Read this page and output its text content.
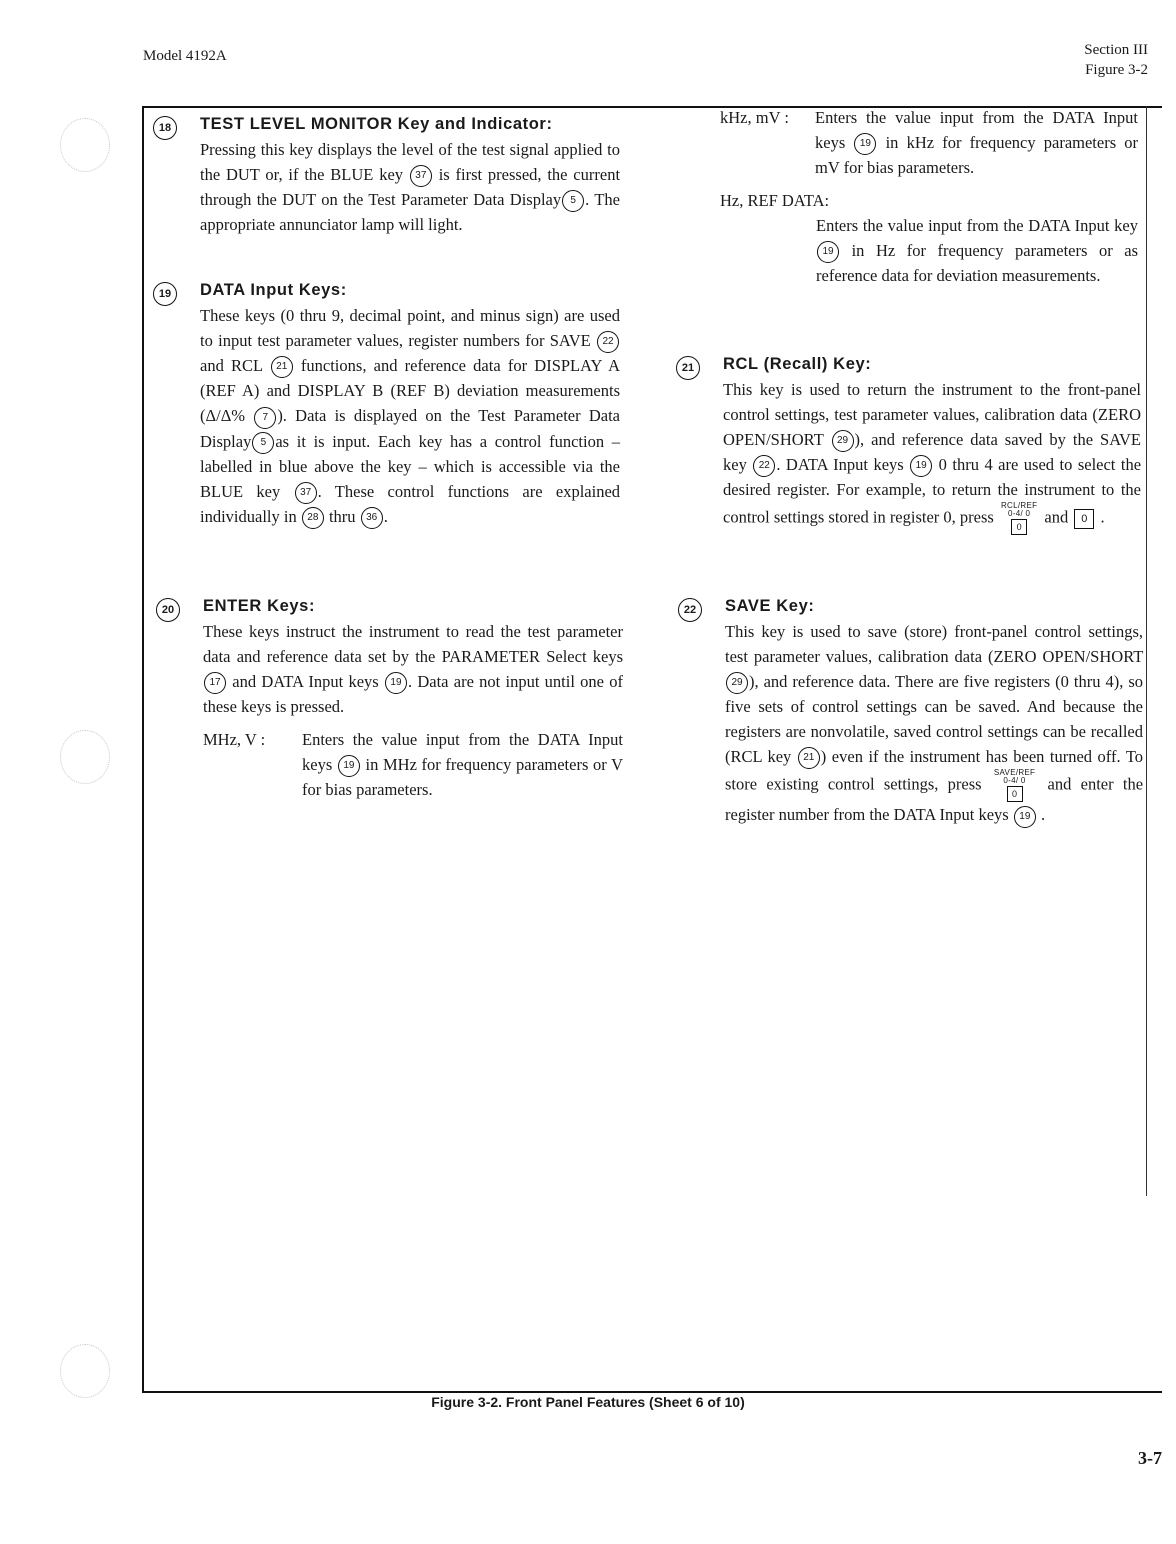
Model 4192A	Section III
Figure 3-2
18	TEST LEVEL MONITOR Key and Indicator:

Pressing this key displays the level of the test signal applied to the DUT or, if the BLUE key 37 is first pressed, the current through the DUT on the Test Parameter Data Display 5 . The appropriate annunciator lamp will light.

19	DATA Input Keys:

These keys (0 thru 9, decimal point, and minus sign) are used to input test parameter values, register numbers for SAVE 22 and RCL 21 functions, and reference data for DISPLAY A (REF A) and DISPLAY B (REF B) deviation measurements (Δ/Δ% 7 ). Data is displayed on the Test Parameter Data Display 5 as it is input. Each key has a control function – labelled in blue above the key – which is accessible via the BLUE key 37 . These control functions are explained individually in 28 thru 36 .

20	ENTER Keys:

These keys instruct the instrument to read the test parameter data and reference data set by the PARAMETER Select keys 17 and DATA Input keys 19 . Data are not input until one of these keys is pressed.

MHz, V : Enters the value input from the DATA Input keys 19 in MHz for frequency parameters or V for bias parameters.
kHz, mV : Enters the value input from the DATA Input keys 19 in kHz for frequency parameters or mV for bias parameters.
Hz, REF DATA:
Enters the value input from the DATA Input key 19 in Hz for frequency parameters or as reference data for deviation measurements.
21	RCL (Recall) Key:

This key is used to return the instrument to the front-panel control settings, test parameter values, calibration data (ZERO OPEN/SHORT 29 ), and reference data saved by the SAVE key 22 . DATA Input keys 19 0 thru 4 are used to select the desired register. For example, to return the instrument to the control settings stored in register 0, press
RCL/REF
0-4/ 0
0
and 0 .

22	SAVE Key:

This key is used to save (store) front-panel control settings, test parameter values, calibration data (ZERO OPEN/SHORT 29 ), and reference data. There are five registers (0 thru 4), so five sets of control settings can be saved. And because the registers are nonvolatile, saved control settings can be recalled (RCL key 21 ) even if the instrument has been turned off. To store existing control settings, press
SAVE/REF
0-4/ 0
0
and enter the register number from the DATA Input keys 19 .

Figure 3-2. Front Panel Features (Sheet 6 of 10)
3-7
